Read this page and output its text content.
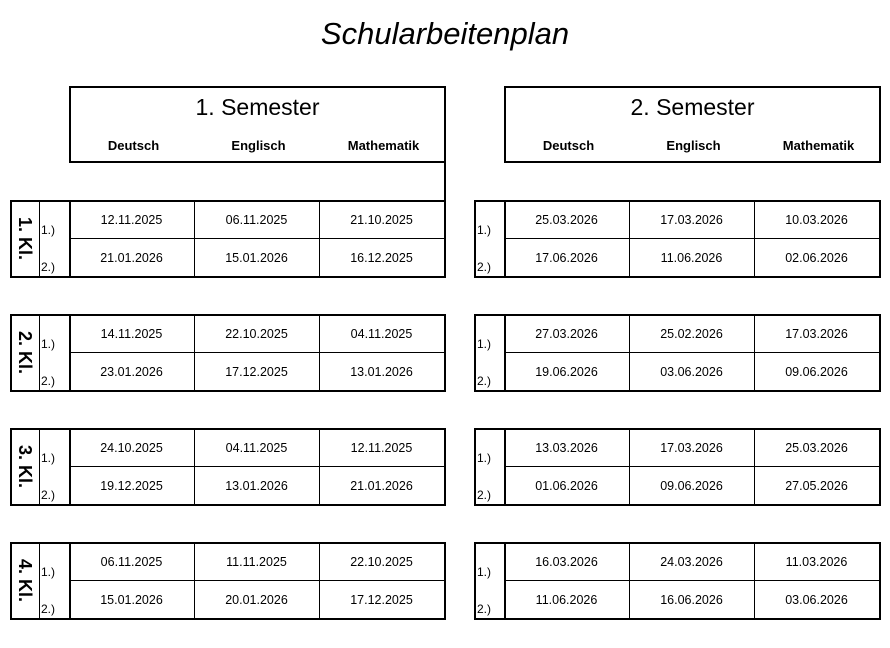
Schularbeitenplan
1. Semester
Deutsch	Englisch	Mathematik
1. Kl. 1.)
12.11.2025	06.11.2025	21.10.2025
2.)
21.01.2026	15.01.2026	16.12.2025
2. Kl. 1.)
14.11.2025	22.10.2025	04.11.2025
2.)
23.01.2026	17.12.2025	13.01.2026
3. Kl. 1.)
24.10.2025	04.11.2025	12.11.2025
2.)
19.12.2025	13.01.2026	21.01.2026
4. Kl. 1.)
06.11.2025	11.11.2025	22.10.2025
2.)
15.01.2026	20.01.2026	17.12.2025
2. Semester
Deutsch	Englisch	Mathematik
1.)
25.03.2026	17.03.2026	10.03.2026
2.)
17.06.2026	11.06.2026	02.06.2026
1.)
27.03.2026	25.02.2026	17.03.2026
2.)
19.06.2026	03.06.2026	09.06.2026
1.)
13.03.2026	17.03.2026	25.03.2026
2.)
01.06.2026	09.06.2026	27.05.2026
1.)
16.03.2026	24.03.2026	11.03.2026
2.)
11.06.2026	16.06.2026	03.06.2026
